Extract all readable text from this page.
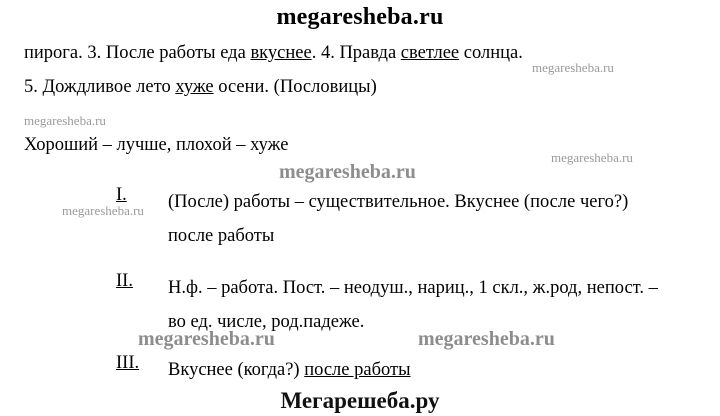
megaresheba.ru
пирога. 3. После работы еда вкуснее. 4. Правда светлее солнца.
5. Дождливое лето хуже осени. (Пословицы)
Хороший – лучше, плохой – хуже
I. (После) работы – существительное. Вкуснее (после чего?) после работы
II. Н.ф. – работа. Пост. – неодуш., нариц., 1 скл., ж.род, непост. – во ед. числе, род.падеже.
III. Вкуснее (когда?) после работы
megaresheba.ru
megaresheba.ru
megaresheba.ru
megaresheba.ru
megaresheba.ru
megaresheba.ru	megaresheba.ru
Мегарешеба.ру
